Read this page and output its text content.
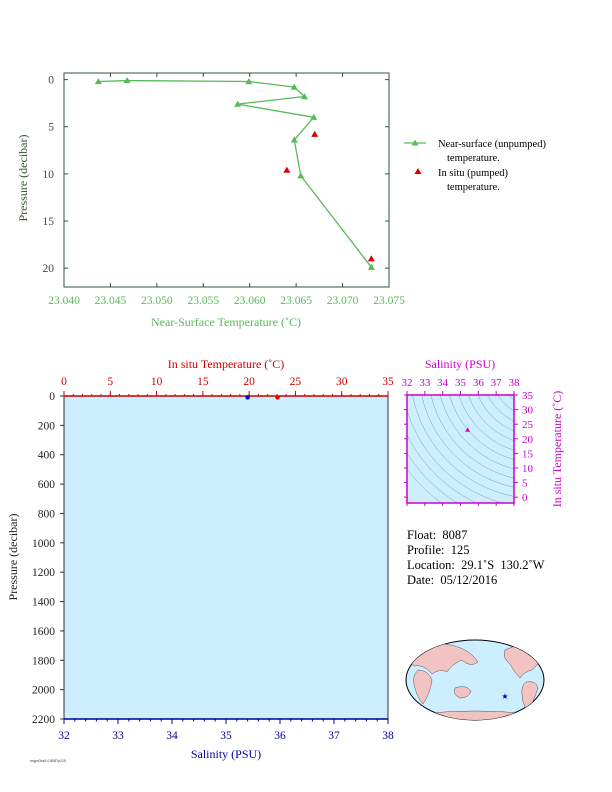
23.040 23.045 23.050 23.055 23.060 23.065 23.070 23.075
0
5
10
15
20
Near-Surface Temperature (˚C)
Pressure (decibar)	Near-surface (unpumped) temperature.
In situ (pumped) temperature.
0	5	10	15	20	25	30	35
32	33	34	35	36	37	38
0
200
400
600
800
1000
1200
1400
1600
1800
2000
2200
In situ Temperature (˚C)
Salinity (PSU)
Pressure (decibar)
32 33 34 35 36 37 38
0
5
10
15
20
25
30
35
Salinity (PSU)
In situ Temperature (˚C)
★
rnqpn3xx5.0 8087p125
Float:  8087
Profile:  125
Location:  29.1˚S  130.2˚W
Date:  05/12/2016
